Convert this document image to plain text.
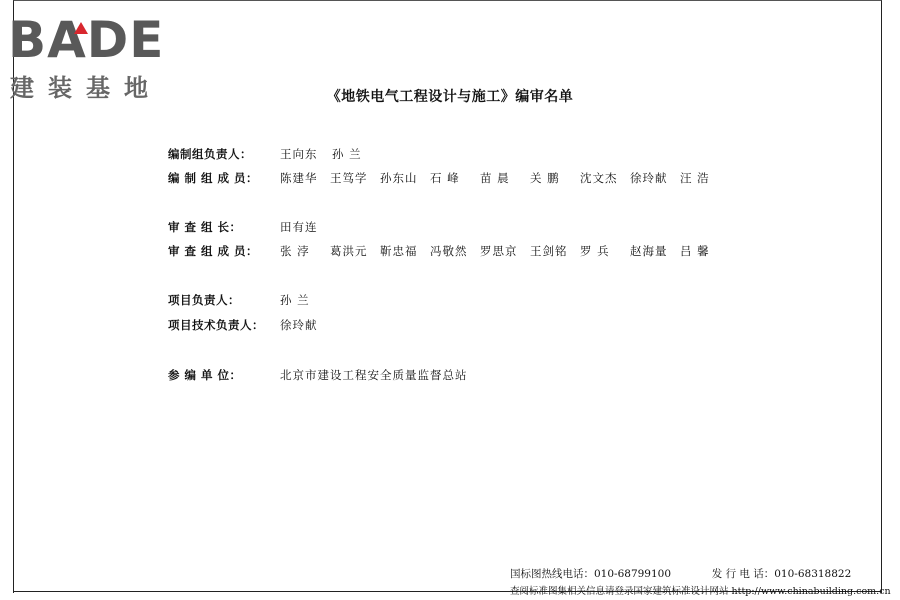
BADE
建装基地	《地铁电气工程设计与施工》编审名单
编制组负责人： 王向东	孙 兰
编 制 组 成 员： 陈建华	王笃学	孙东山	石 峰	苗 晨	关 鹏	沈文杰	徐玲献	汪 浩
审 查 组 长：	田有连
审 查 组 成 员： 张 浡	葛洪元	靳忠福	冯敬然	罗思京	王剑铭	罗 兵	赵海量	吕 馨
项目负责人：	孙 兰
项目技术负责人： 徐玲献
参 编 单 位：	北京市建设工程安全质量监督总站
国标图热线电话：010-68799100	发 行 电 话：010-68318822
查阅标准图集相关信息请登录国家建筑标准设计网站 http://www.chinabuilding.com.cn
